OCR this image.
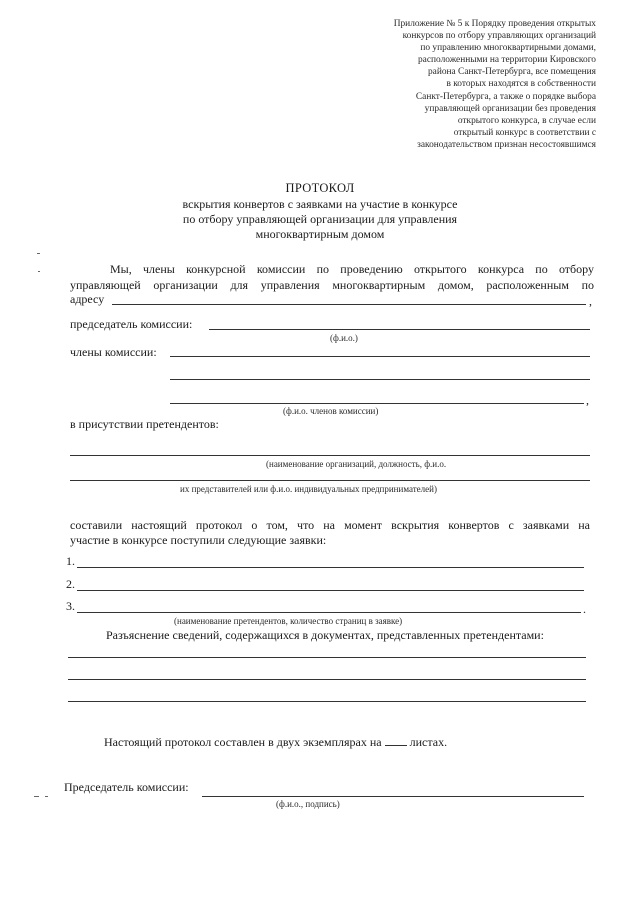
Приложение № 5 к Порядку проведения открытых
конкурсов по отбору управляющих организаций
по управлению многоквартирными домами,
расположенными на территории Кировского
района Санкт-Петербурга, все помещения
в которых находятся в собственности
Санкт-Петербурга, а также о порядке выбора
управляющей организации без проведения
открытого конкурса, в случае если
открытый конкурс в соответствии с
законодательством признан несостоявшимся
ПРОТОКОЛ
вскрытия конвертов с заявками на участие в конкурсе
по отбору управляющей организации для управления
многоквартирным домом
Мы, члены конкурсной комиссии по проведению открытого конкурса по отбору
управляющей организации для управления многоквартирным домом, расположенным по
адресу	,
председатель комиссии:
(ф.и.о.)
члены комиссии:
,
(ф.и.о. членов комиссии)
в присутствии претендентов:
(наименование организаций, должность, ф.и.о.
их представителей или ф.и.о. индивидуальных предпринимателей)
составили настоящий протокол о том, что на момент вскрытия конвертов с заявками на
участие в конкурсе поступили следующие заявки:
1.
2.
3.	.
(наименование претендентов, количество страниц в заявке)
Разъяснение сведений, содержащихся в документах, представленных претендентами:
Настоящий протокол составлен в двух экземплярах на листах.
Председатель комиссии:
(ф.и.о., подпись)
